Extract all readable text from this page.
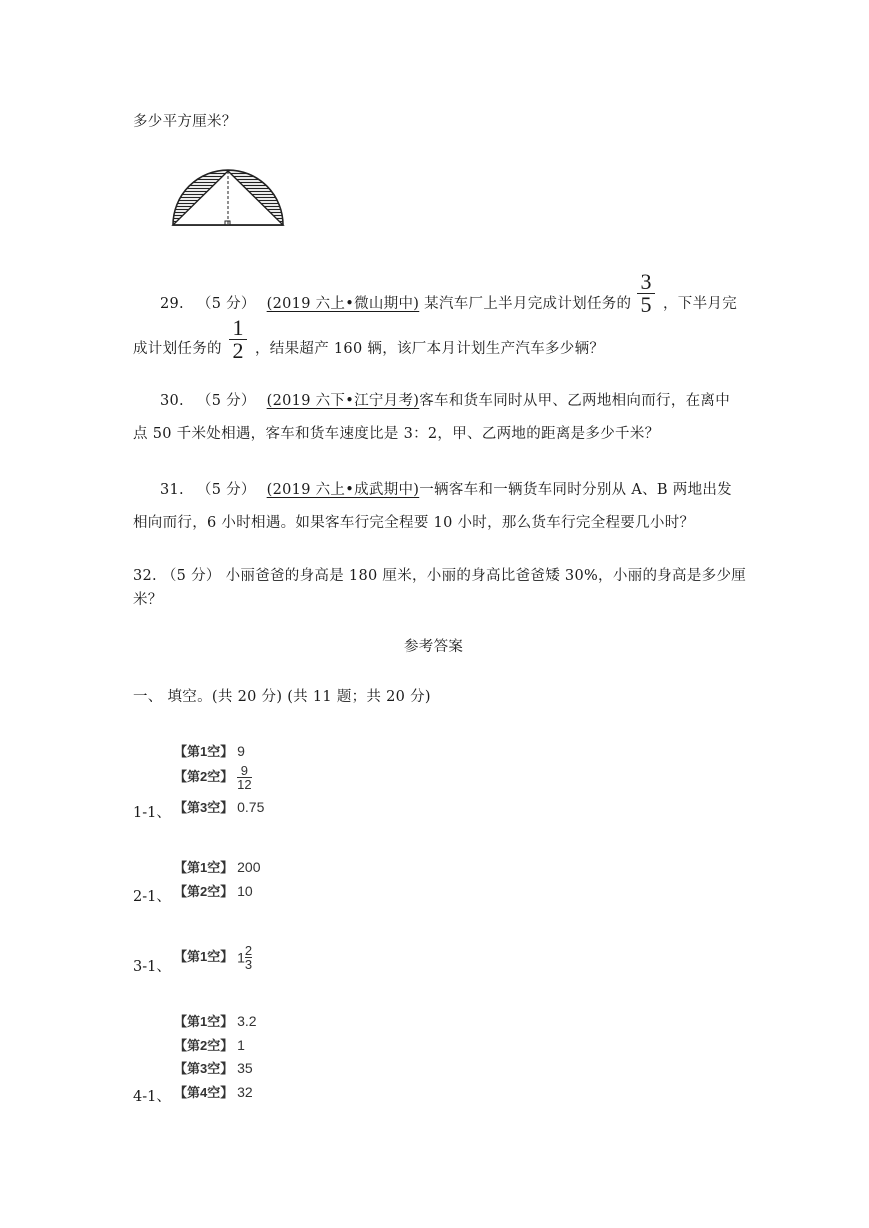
多少平方厘米？
29. （5 分） (2019 六上•微山期中) 某汽车厂上半月完成计划任务的
3
5 ，下半月完
成计划任务的
1
2 ，结果超产 160 辆，该厂本月计划生产汽车多少辆？
30. （5 分） (2019 六下•江宁月考)客车和货车同时从甲、乙两地相向而行，在离中
点 50 千米处相遇，客车和货车速度比是 3：2，甲、乙两地的距离是多少千米？
31. （5 分） (2019 六上•成武期中)一辆客车和一辆货车同时分别从 A、B 两地出发
相向而行，6 小时相遇。如果客车行完全程要 10 小时，那么货车行完全程要几小时？
32. （5 分） 小丽爸爸的身高是 180 厘米，小丽的身高比爸爸矮 30%，小丽的身高是多少厘
米？
参考答案
一、 填空。(共 20 分) (共 11 题；共 20 分)
【第1空】 9
【第2空】 $\frac{9}{12}$
【第3空】 0.75
1-1、
【第1空】 200
【第2空】 10
2-1、
【第1空】 $1\frac{2}{3}$
3-1、
【第1空】 3.2
【第2空】 1
【第3空】 35
【第4空】 32
4-1、
